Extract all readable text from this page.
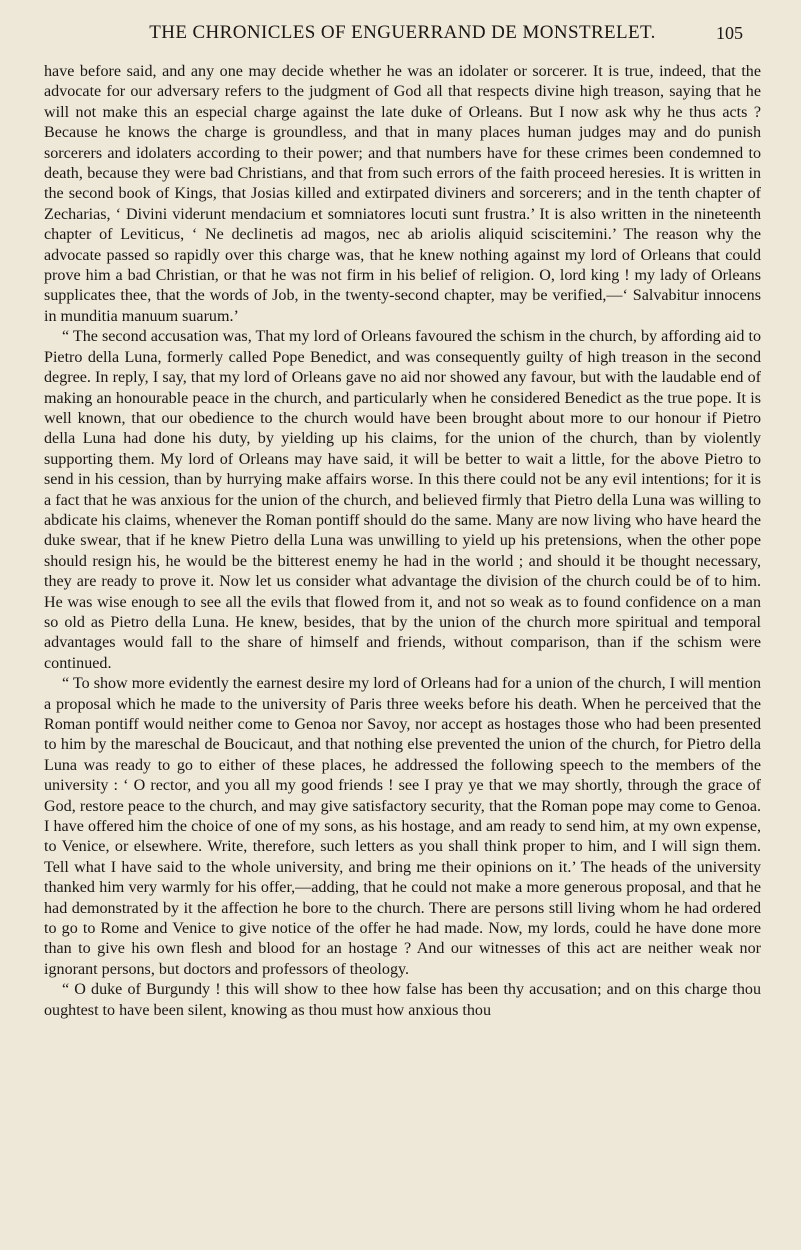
THE CHRONICLES OF ENGUERRAND DE MONSTRELET.	105

have before said, and any one may decide whether he was an idolater or sorcerer. It is true, indeed, that the advocate for our adversary refers to the judgment of God all that respects divine high treason, saying that he will not make this an especial charge against the late duke of Orleans. But I now ask why he thus acts ? Because he knows the charge is groundless, and that in many places human judges may and do punish sorcerers and idolaters according to their power; and that numbers have for these crimes been condemned to death, because they were bad Christians, and that from such errors of the faith proceed heresies. It is written in the second book of Kings, that Josias killed and extirpated diviners and sorcerers; and in the tenth chapter of Zecharias, ‘ Divini viderunt mendacium et somniatores locuti sunt frustra.’ It is also written in the nineteenth chapter of Leviticus, ‘ Ne declinetis ad magos, nec ab ariolis aliquid sciscitemini.’ The reason why the advocate passed so rapidly over this charge was, that he knew nothing against my lord of Orleans that could prove him a bad Christian, or that he was not firm in his belief of religion. O, lord king ! my lady of Orleans supplicates thee, that the words of Job, in the twenty-second chapter, may be verified,—‘ Salvabitur innocens in munditia manuum suarum.’

“ The second accusation was, That my lord of Orleans favoured the schism in the church, by affording aid to Pietro della Luna, formerly called Pope Benedict, and was consequently guilty of high treason in the second degree. In reply, I say, that my lord of Orleans gave no aid nor showed any favour, but with the laudable end of making an honourable peace in the church, and particularly when he considered Benedict as the true pope. It is well known, that our obedience to the church would have been brought about more to our honour if Pietro della Luna had done his duty, by yielding up his claims, for the union of the church, than by violently supporting them. My lord of Orleans may have said, it will be better to wait a little, for the above Pietro to send in his cession, than by hurrying make affairs worse. In this there could not be any evil intentions; for it is a fact that he was anxious for the union of the church, and believed firmly that Pietro della Luna was willing to abdicate his claims, whenever the Roman pontiff should do the same. Many are now living who have heard the duke swear, that if he knew Pietro della Luna was unwilling to yield up his pretensions, when the other pope should resign his, he would be the bitterest enemy he had in the world ; and should it be thought necessary, they are ready to prove it. Now let us consider what advantage the division of the church could be of to him. He was wise enough to see all the evils that flowed from it, and not so weak as to found confidence on a man so old as Pietro della Luna. He knew, besides, that by the union of the church more spiritual and temporal advantages would fall to the share of himself and friends, without comparison, than if the schism were continued.

“ To show more evidently the earnest desire my lord of Orleans had for a union of the church, I will mention a proposal which he made to the university of Paris three weeks before his death. When he perceived that the Roman pontiff would neither come to Genoa nor Savoy, nor accept as hostages those who had been presented to him by the mareschal de Boucicaut, and that nothing else prevented the union of the church, for Pietro della Luna was ready to go to either of these places, he addressed the following speech to the members of the university : ‘ O rector, and you all my good friends ! see I pray ye that we may shortly, through the grace of God, restore peace to the church, and may give satisfactory security, that the Roman pope may come to Genoa. I have offered him the choice of one of my sons, as his hostage, and am ready to send him, at my own expense, to Venice, or elsewhere. Write, therefore, such letters as you shall think proper to him, and I will sign them. Tell what I have said to the whole university, and bring me their opinions on it.’ The heads of the university thanked him very warmly for his offer,—adding, that he could not make a more generous proposal, and that he had demonstrated by it the affection he bore to the church. There are persons still living whom he had ordered to go to Rome and Venice to give notice of the offer he had made. Now, my lords, could he have done more than to give his own flesh and blood for an hostage ? And our witnesses of this act are neither weak nor ignorant persons, but doctors and professors of theology.

“ O duke of Burgundy ! this will show to thee how false has been thy accusation; and on this charge thou oughtest to have been silent, knowing as thou must how anxious thou
